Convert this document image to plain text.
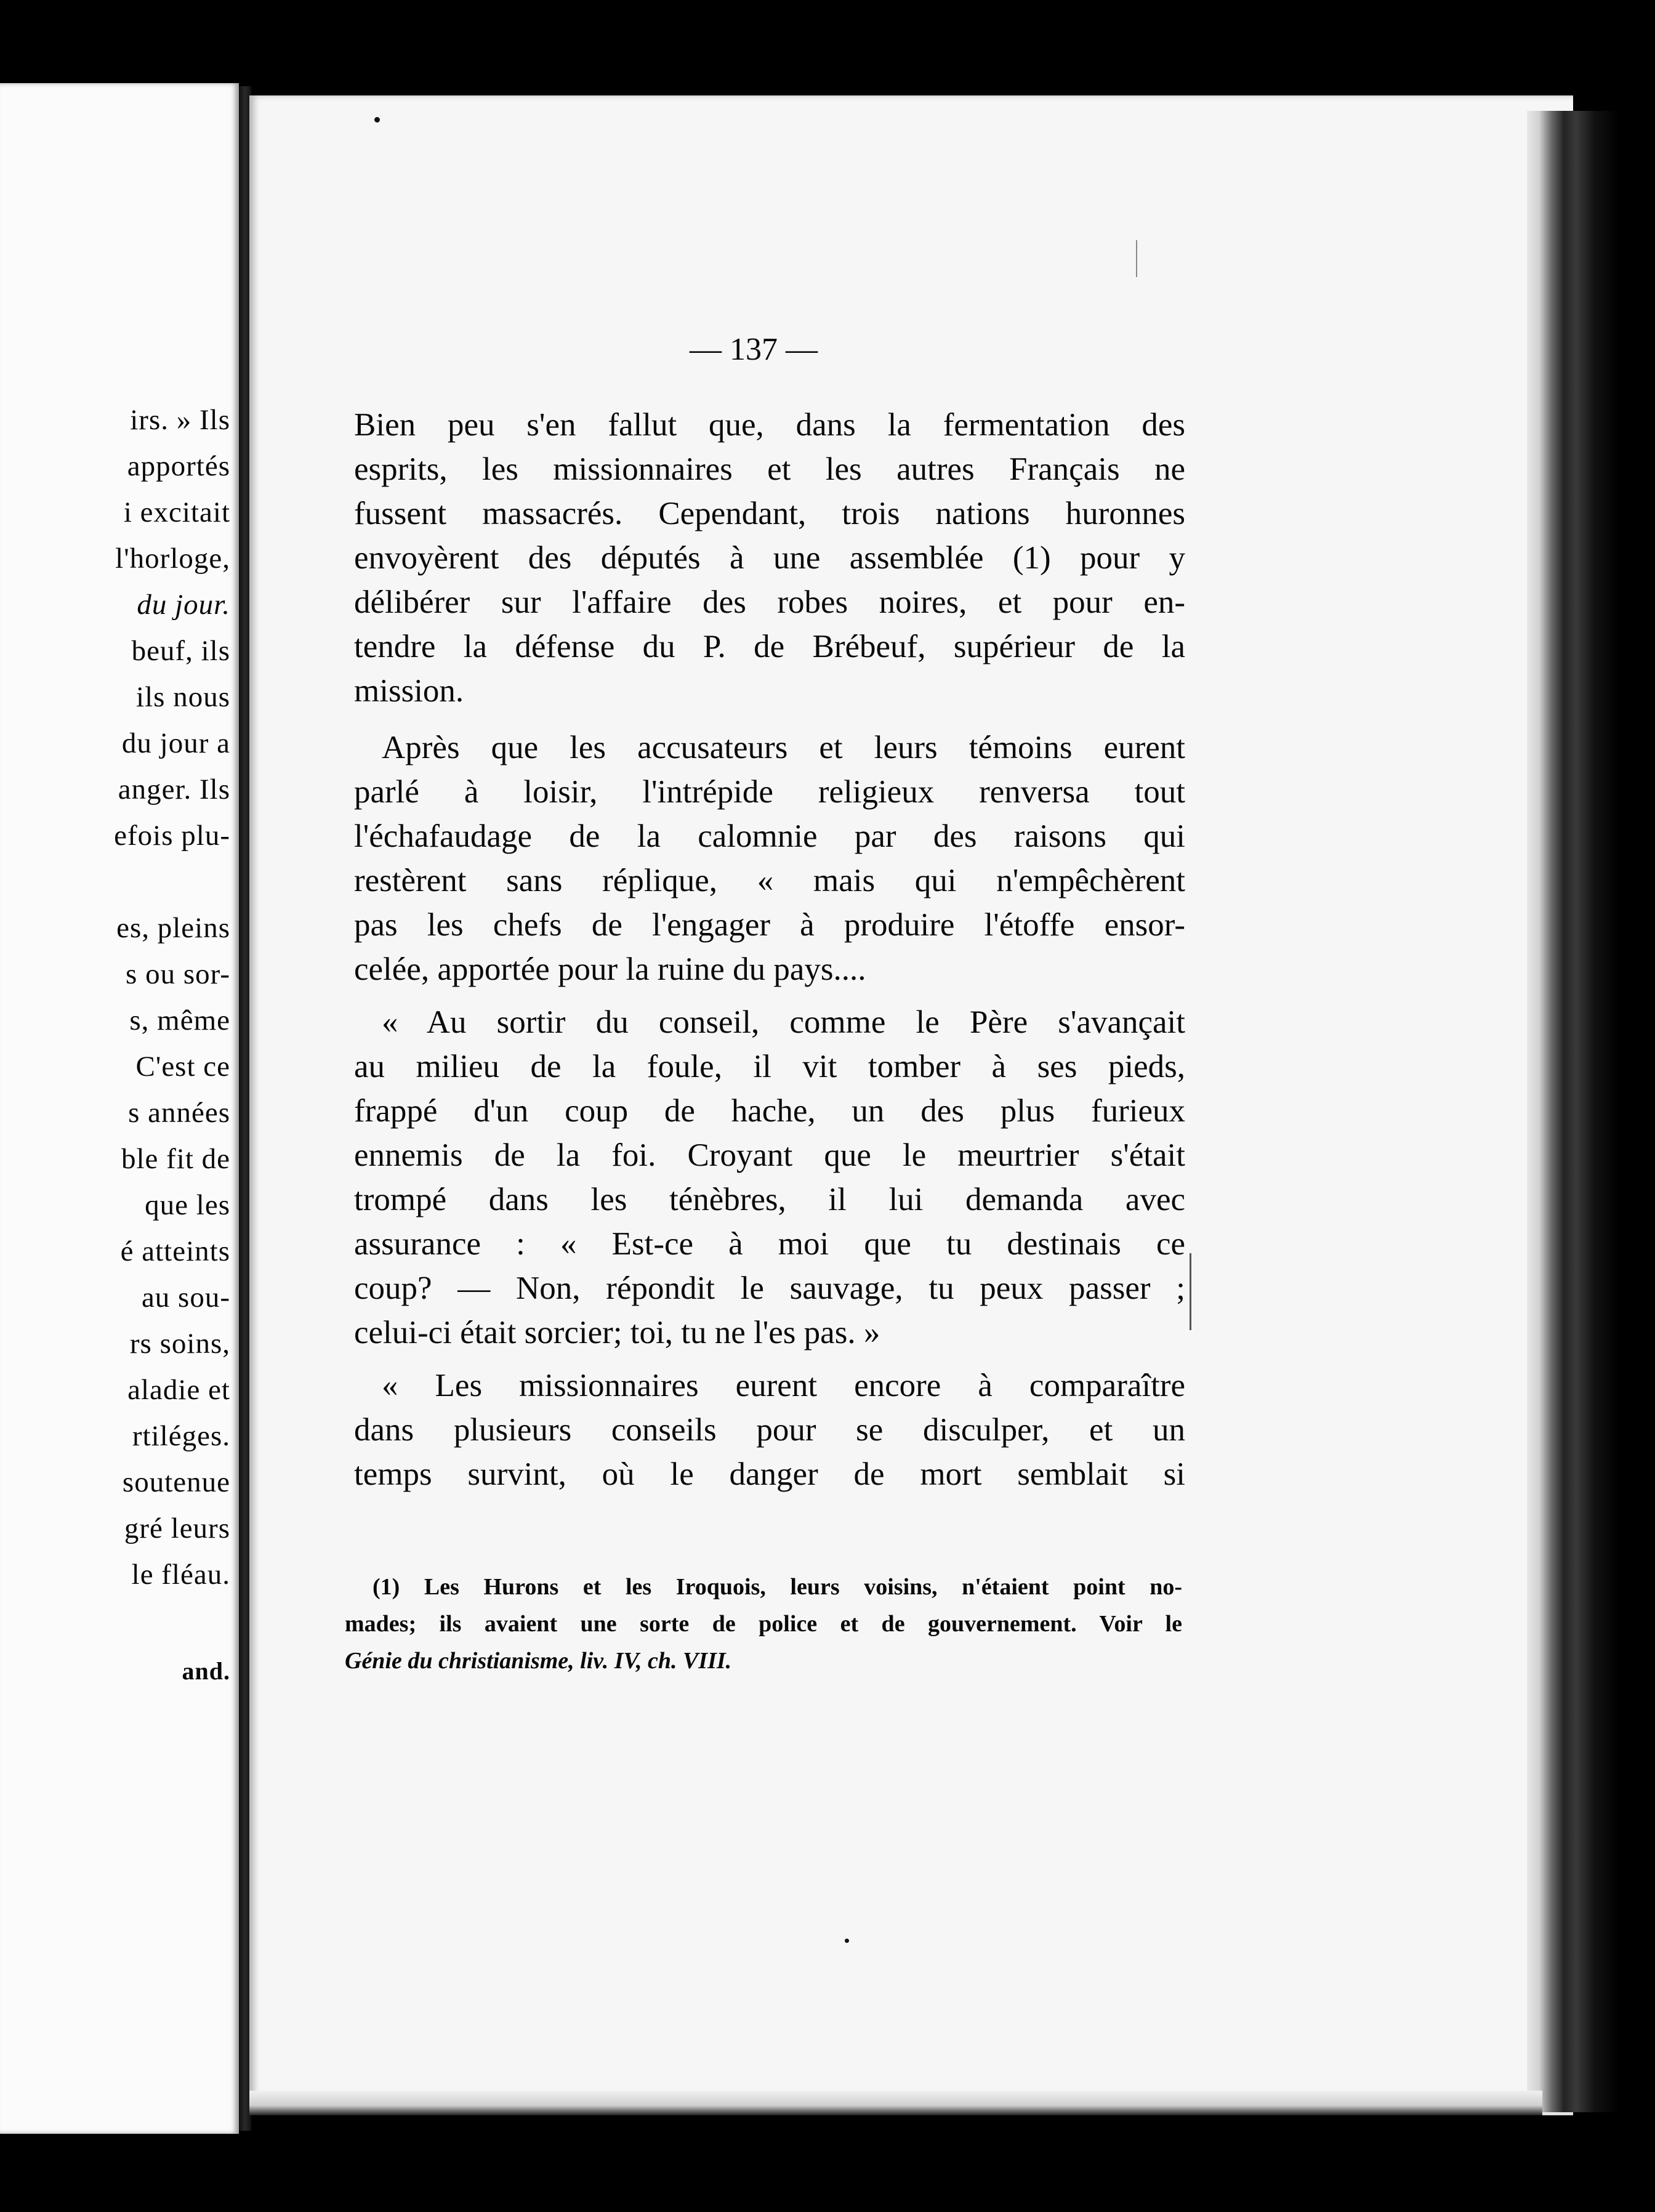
irs. » Ils
apportés
i excitait
l'horloge,
du jour.
beuf, ils
ils nous
du jour a
anger. Ils
efois plu-
es, pleins
s ou sor-
s, même
C'est ce
s années
ble fit de
que les
é atteints
au sou-
rs soins,
aladie et
rtiléges.
soutenue
gré leurs
le fléau.
and.
— 137 —
Bien peu s'en fallut que, dans la fermentation des
esprits, les missionnaires et les autres Français ne
fussent massacrés. Cependant, trois nations huronnes
envoyèrent des députés à une assemblée (1) pour y
délibérer sur l'affaire des robes noires, et pour en-
tendre la défense du P. de Brébeuf, supérieur de la
mission.
Après que les accusateurs et leurs témoins eurent
parlé à loisir, l'intrépide religieux renversa tout
l'échafaudage de la calomnie par des raisons qui
restèrent sans réplique, « mais qui n'empêchèrent
pas les chefs de l'engager à produire l'étoffe ensor-
celée, apportée pour la ruine du pays....
« Au sortir du conseil, comme le Père s'avançait
au milieu de la foule, il vit tomber à ses pieds,
frappé d'un coup de hache, un des plus furieux
ennemis de la foi. Croyant que le meurtrier s'était
trompé dans les ténèbres, il lui demanda avec
assurance : « Est-ce à moi que tu destinais ce
coup? — Non, répondit le sauvage, tu peux passer ;
celui-ci était sorcier; toi, tu ne l'es pas. »
« Les missionnaires eurent encore à comparaître
dans plusieurs conseils pour se disculper, et un
temps survint, où le danger de mort semblait si
(1) Les Hurons et les Iroquois, leurs voisins, n'étaient point no-
mades; ils avaient une sorte de police et de gouvernement. Voir le
Génie du christianisme, liv. IV, ch. VIII.
